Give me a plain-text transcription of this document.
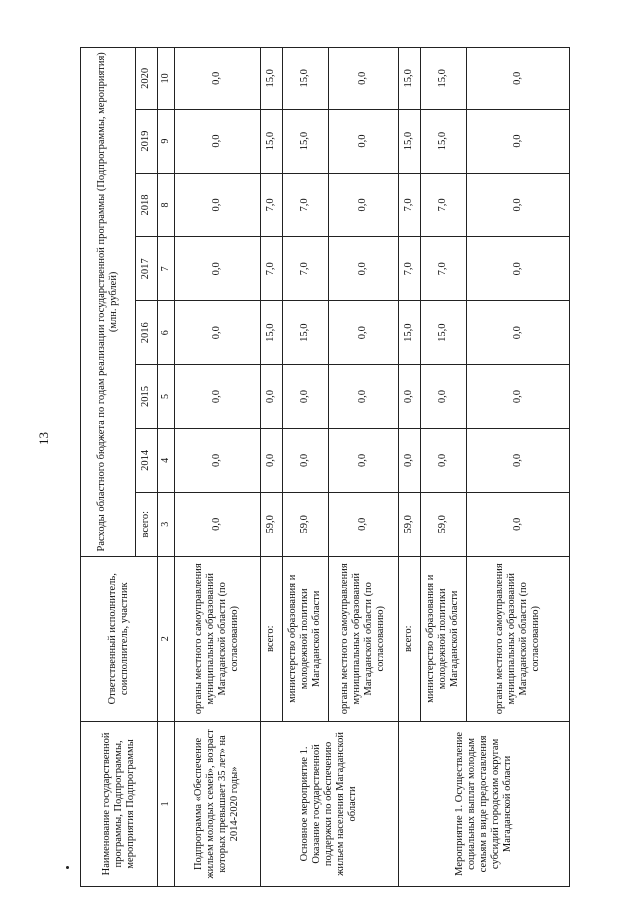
13
Наименование государственной программы, Подпрограммы, мероприятия Подпрограммы	Ответственный исполнитель, соисполнитель, участник	Расходы областного бюджета по годам реализации государственной программы (Подпрограммы, мероприятия) (млн. рублей)							
		всего:	2014	2015	2016	2017	2018	2019	2020
1	2	3	4	5	6	7	8	9	10
Подпрограмма «Обеспечение жильем молодых семей», возраст которых превышает 35 лет» на 2014-2020 годы»	органы местного самоуправления муниципальных образований Магаданской области (по согласованию)	0,0	0,0	0,0	0,0	0,0	0,0	0,0	0,0
Основное мероприятие 1. Оказание государственной поддержки по обеспечению жильем населения Магаданской области	всего:	59,0	0,0	0,0	15,0	7,0	7,0	15,0	15,0
	министерство образования и молодежной политики Магаданской области	59,0	0,0	0,0	15,0	7,0	7,0	15,0	15,0
	органы местного самоуправления муниципальных образований Магаданской области (по согласованию)	0,0	0,0	0,0	0,0	0,0	0,0	0,0	0,0
Мероприятие 1. Осуществление социальных выплат молодым семьям в виде предоставления субсидий городским округам Магаданской области	всего:	59,0	0,0	0,0	15,0	7,0	7,0	15,0	15,0
	министерство образования и молодежной политики Магаданской области	59,0	0,0	0,0	15,0	7,0	7,0	15,0	15,0
	органы местного самоуправления муниципальных образований Магаданской области (по согласованию)	0,0	0,0	0,0	0,0	0,0	0,0	0,0	0,0
